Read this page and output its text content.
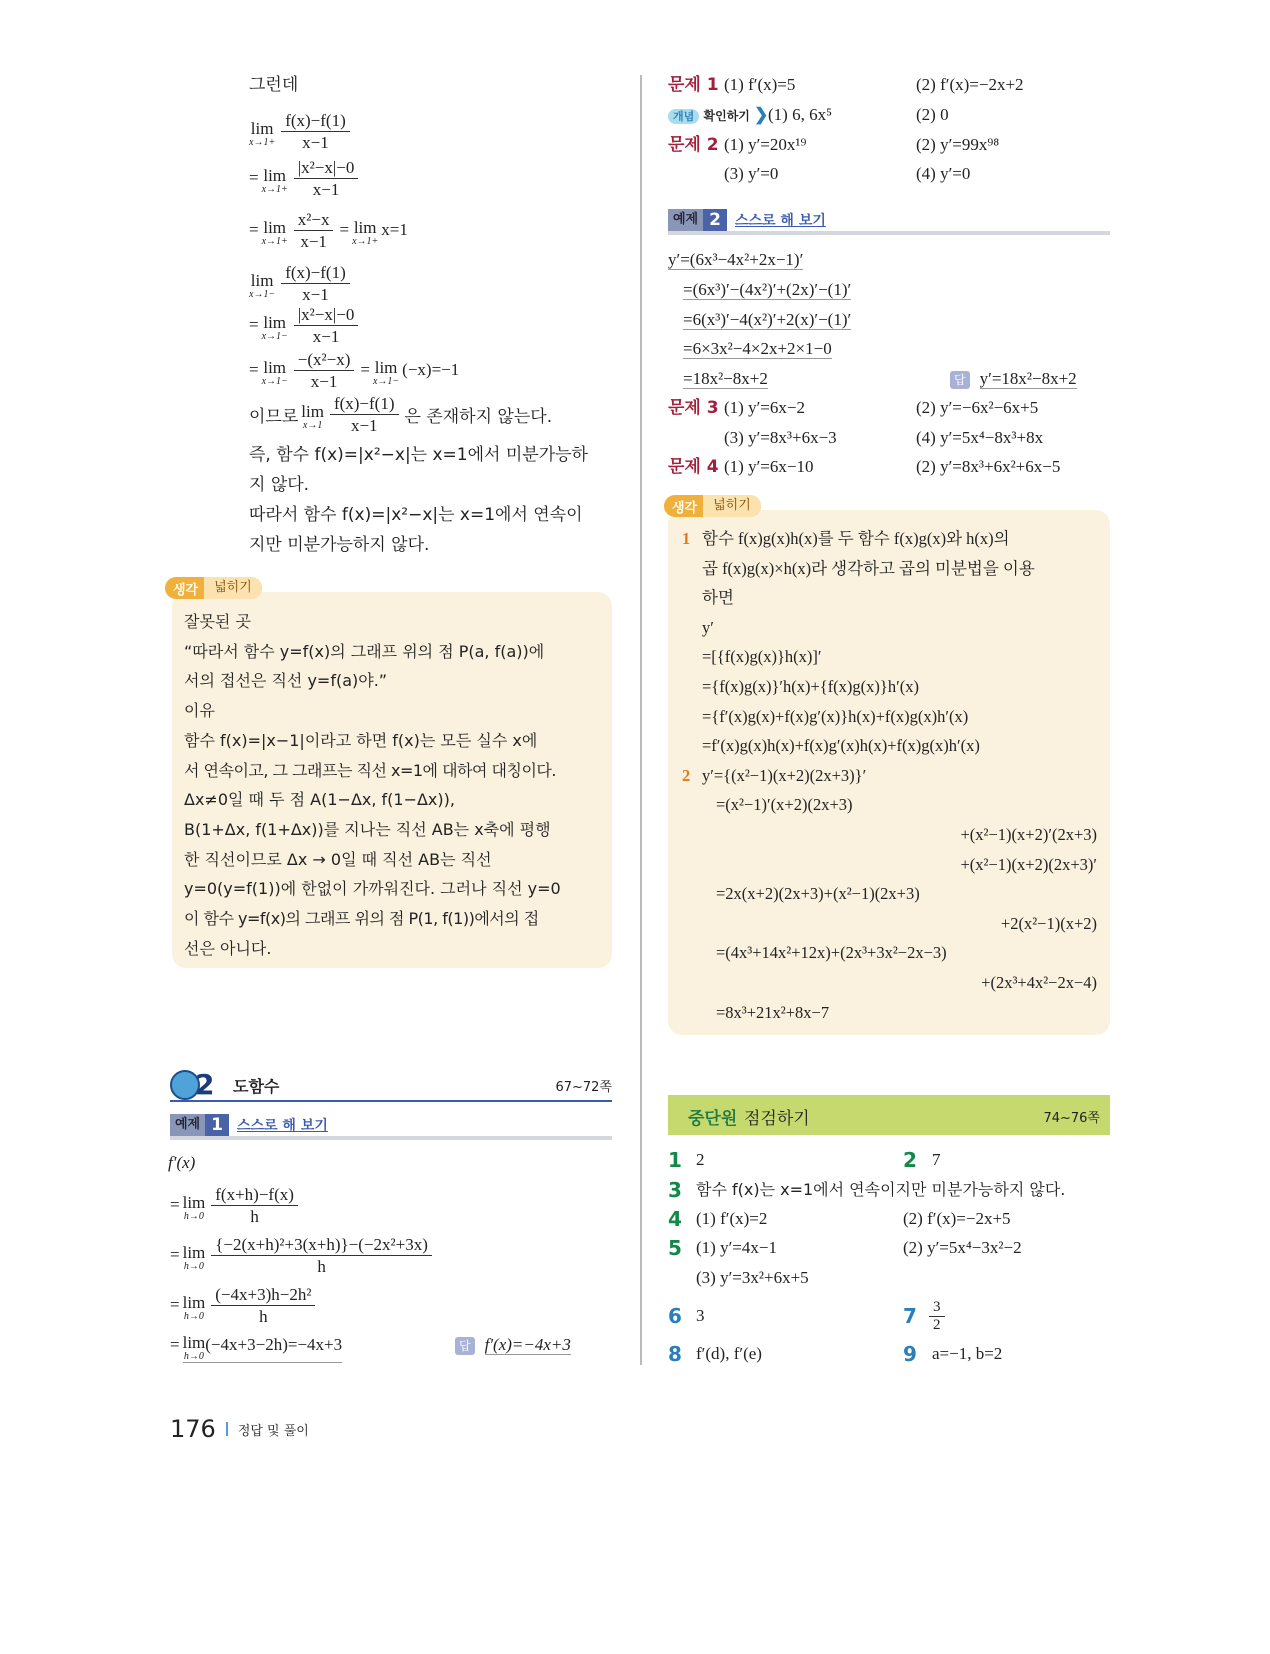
그런데
lim
$x\to 1+ \frac{f(x)-f(1)}{x-1}$
= lim
$x\to 1+ \frac{\text{|x²−x|−0}}{x-1}$
= lim
$x\to 1+ \frac{\text{x²−x}}{x-1} = \lim$
x→1+
x=1
lim
$x\to 1- \frac{f(x)-f(1)}{x-1}$
= lim
$x\to 1- \frac{\text{|x²−x|−0}}{x-1}$
= lim
$x\to 1- \frac{\text{−(x²−x)}}{x-1} = \lim$
x→1−
(−x)=−1
이므로 lim
$x\to 1 \frac{f(x)-f(1)}{x-1}$ 은 존재하지 않는다.
즉, 함수 f(x)=|x²−x|는 x=1에서 미분가능하
지 않다.
따라서 함수 f(x)=|x²−x|는 x=1에서 연속이
지만 미분가능하지 않다.
생각	넓히기
잘못된 곳
“따라서 함수 y=f(x)의 그래프 위의 점 P(a, f(a))에
서의 접선은 직선 y=f(a)야.”
이유
함수 f(x)=|x−1|이라고 하면 f(x)는 모든 실수 x에
서 연속이고, 그 그래프는 직선 x=1에 대하여 대칭이다.
Δx≠0일 때 두 점 A(1−Δx, f(1−Δx)),
B(1+Δx, f(1+Δx))를 지나는 직선 AB는 x축에 평행
한 직선이므로 Δx → 0일 때 직선 AB는 직선
y=0(y=f(1))에 한없이 가까워진다. 그러나 직선 y=0
이 함수 y=f(x)의 그래프 위의 점 P(1, f(1))에서의 접
선은 아니다.
2 도함수	67~72쪽
예제 1	스스로 해 보기
f′(x)
= lim
$h\to 0 \frac{f(x+h)-f(x)}{h}$
= lim
$h\to 0 \frac{\text{\{−2(x+h)²+3(x+h)\}−(−2x²+3x)}}{h}$
= lim
$h\to 0 \frac{\text{(−4x+3)h−2h²}}{h}$
= lim
h→0
(−4x+3−2h)=−4x+3	답 f′(x)=−4x+3
176 정답 및 풀이
문제 1 (1) f′(x)=5	(2) f′(x)=−2x+2
개념 확인하기 ❯ (1) 6, 6x⁵	(2) 0
문제 2 (1) y′=20x¹⁹	(2) y′=99x⁹⁸
(3) y′=0	(4) y′=0
예제 2	스스로 해 보기
y′=(6x³−4x²+2x−1)′
=(6x³)′−(4x²)′+(2x)′−(1)′
=6(x³)′−4(x²)′+2(x)′−(1)′
=6×3x²−4×2x+2×1−0
=18x²−8x+2	답 y′=18x²−8x+2
문제 3 (1) y′=6x−2	(2) y′=−6x²−6x+5
(3) y′=8x³+6x−3	(4) y′=5x⁴−8x³+8x
문제 4 (1) y′=6x−10	(2) y′=8x³+6x²+6x−5
생각	넓히기
1 함수 f(x)g(x)h(x)를 두 함수 f(x)g(x)와 h(x)의
곱 f(x)g(x)×h(x)라 생각하고 곱의 미분법을 이용
하면
y′
=[{f(x)g(x)}h(x)]′
={f(x)g(x)}′h(x)+{f(x)g(x)}h′(x)
={f′(x)g(x)+f(x)g′(x)}h(x)+f(x)g(x)h′(x)
=f′(x)g(x)h(x)+f(x)g′(x)h(x)+f(x)g(x)h′(x)
2 y′={(x²−1)(x+2)(2x+3)}′
=(x²−1)′(x+2)(2x+3)
+(x²−1)(x+2)′(2x+3)
+(x²−1)(x+2)(2x+3)′
=2x(x+2)(2x+3)+(x²−1)(2x+3)
+2(x²−1)(x+2)
=(4x³+14x²+12x)+(2x³+3x²−2x−3)
+(2x³+4x²−2x−4)
=8x³+21x²+8x−7
중단원 점검하기	74~76쪽
1 2	2 7
3 함수 f(x)는 x=1에서 연속이지만 미분가능하지 않다.
4 (1) f′(x)=2	(2) f′(x)=−2x+5
5 (1) y′=4x−1	(2) y′=5x⁴−3x²−2
(3) y′=3x²+6x+5
6 3	$7 \frac{3}{2}$
8 f′(d), f′(e)	9 a=−1, b=2
